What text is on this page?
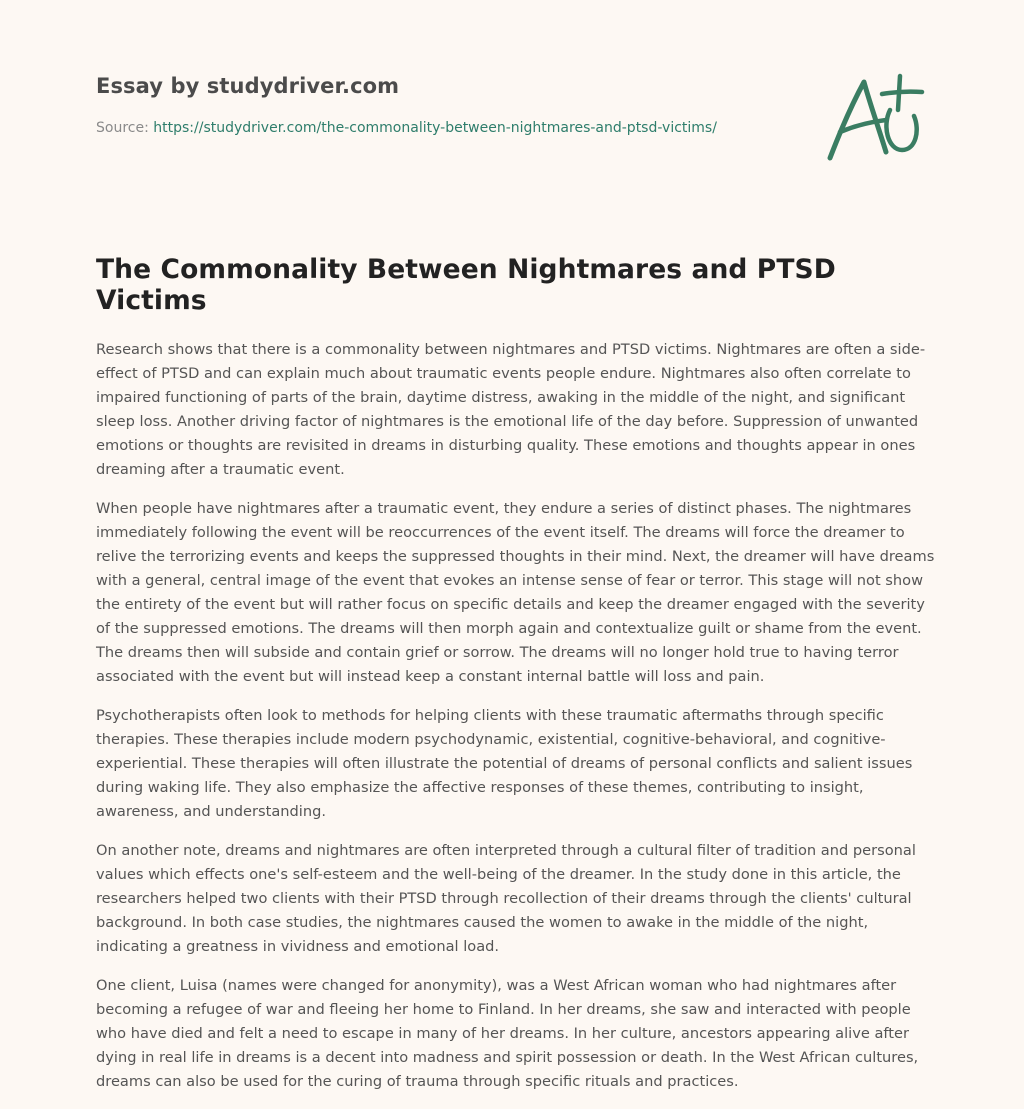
Essay by studydriver.com
Source: https://studydriver.com/the-commonality-between-nightmares-and-ptsd-victims/
The Commonality Between Nightmares and PTSD Victims

Research shows that there is a commonality between nightmares and PTSD victims. Nightmares are often a side-effect of PTSD and can explain much about traumatic events people endure. Nightmares also often correlate to impaired functioning of parts of the brain, daytime distress, awaking in the middle of the night, and significant sleep loss. Another driving factor of nightmares is the emotional life of the day before. Suppression of unwanted emotions or thoughts are revisited in dreams in disturbing quality. These emotions and thoughts appear in ones dreaming after a traumatic event.

When people have nightmares after a traumatic event, they endure a series of distinct phases. The nightmares immediately following the event will be reoccurrences of the event itself. The dreams will force the dreamer to relive the terrorizing events and keeps the suppressed thoughts in their mind. Next, the dreamer will have dreams with a general, central image of the event that evokes an intense sense of fear or terror. This stage will not show the entirety of the event but will rather focus on specific details and keep the dreamer engaged with the severity of the suppressed emotions. The dreams will then morph again and contextualize guilt or shame from the event. The dreams then will subside and contain grief or sorrow. The dreams will no longer hold true to having terror associated with the event but will instead keep a constant internal battle will loss and pain.

Psychotherapists often look to methods for helping clients with these traumatic aftermaths through specific therapies. These therapies include modern psychodynamic, existential, cognitive-behavioral, and cognitive-experiential. These therapies will often illustrate the potential of dreams of personal conflicts and salient issues during waking life. They also emphasize the affective responses of these themes, contributing to insight, awareness, and understanding.

On another note, dreams and nightmares are often interpreted through a cultural filter of tradition and personal values which effects one's self-esteem and the well-being of the dreamer. In the study done in this article, the researchers helped two clients with their PTSD through recollection of their dreams through the clients' cultural background. In both case studies, the nightmares caused the women to awake in the middle of the night, indicating a greatness in vividness and emotional load.

One client, Luisa (names were changed for anonymity), was a West African woman who had nightmares after becoming a refugee of war and fleeing her home to Finland. In her dreams, she saw and interacted with people who have died and felt a need to escape in many of her dreams. In her culture, ancestors appearing alive after dying in real life in dreams is a decent into madness and spirit possession or death. In the West African cultures, dreams can also be used for the curing of trauma through specific rituals and practices.
